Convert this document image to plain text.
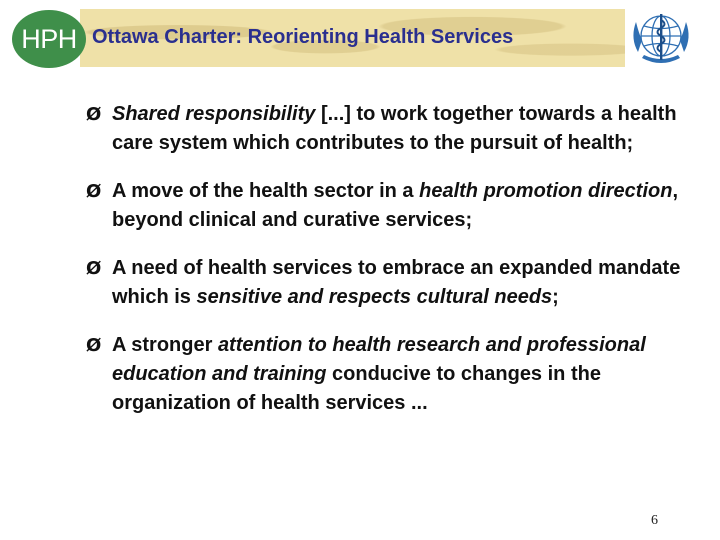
HPH Ottawa Charter: Reorienting Health Services
Ø Shared responsibility [...] to work together towards a health care system which contributes to the pursuit of health;
Ø A move of the health sector in a health promotion direction, beyond clinical and curative services;
Ø A need of health services to embrace an expanded mandate which is sensitive and respects cultural needs;
Ø A stronger attention to health research and professional education and training conducive to changes in the organization of health services ...
6
